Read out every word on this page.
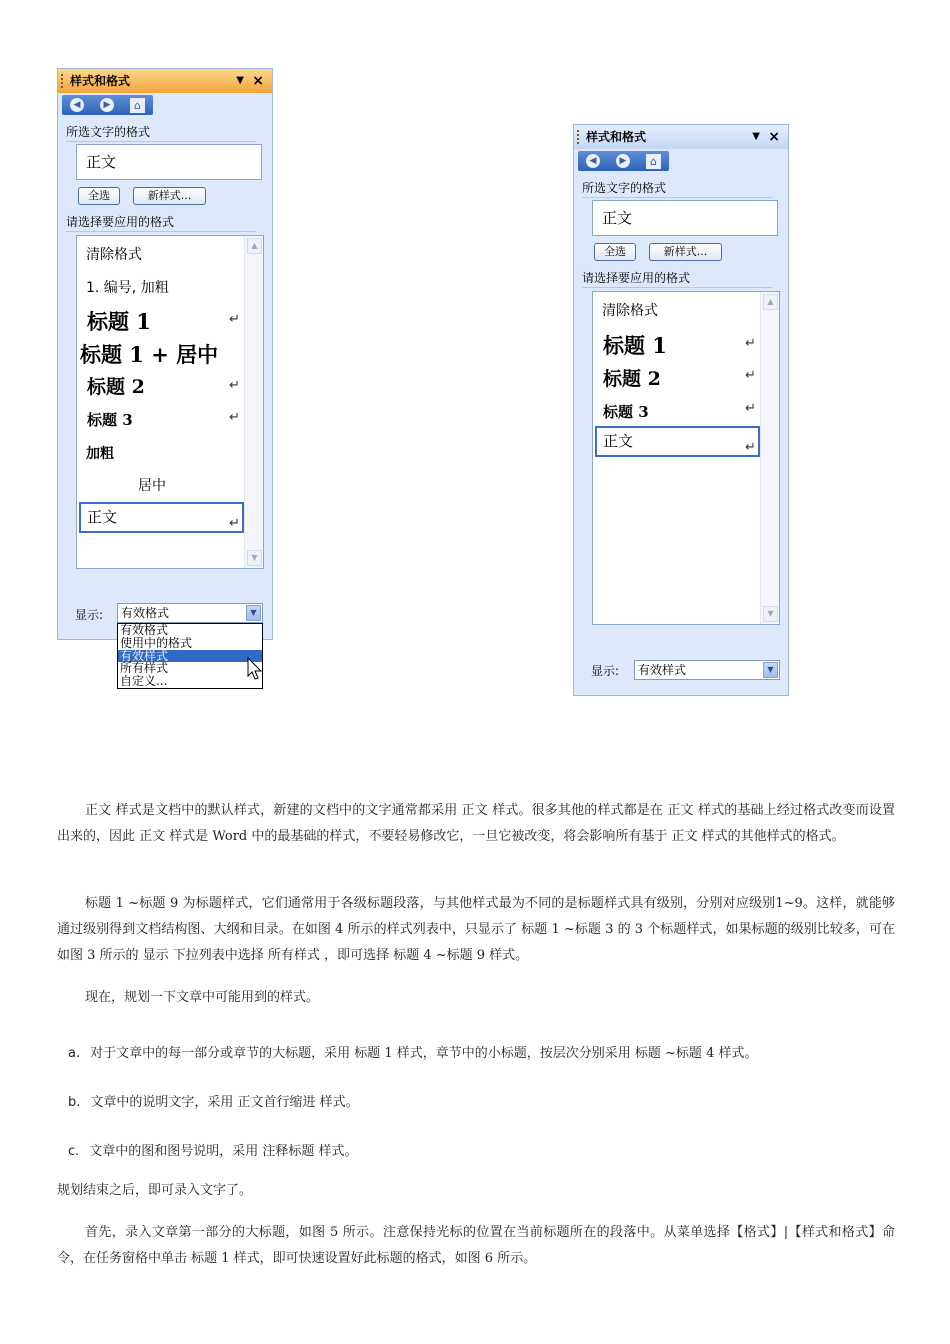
样式和格式	▼ ×
◀	▶	⌂
所选文字的格式
正文
全选	新样式...
请选择要应用的格式
▲
▼
清除格式
1. 编号, 加粗
标题 1	↵
标题 1 + 居中
标题 2	↵
标题 3	↵
加粗
居中
正文	↵
显示:	有效格式	▼
有效格式
使用中的格式
有效样式
所有样式
自定义...
样式和格式	▼ ×
◀	▶	⌂
所选文字的格式
正文
全选	新样式...
请选择要应用的格式
▲
▼
清除格式
标题 1	↵
标题 2	↵
标题 3	↵
正文	↵
显示:	有效样式	▼
正文 样式是文档中的默认样式，新建的文档中的文字通常都采用 正文 样式。很多其他的样式都是在 正文 样式的基础上经过格式改变而设置出来的，因此 正文 样式是 Word 中的最基础的样式，不要轻易修改它，一旦它被改变，将会影响所有基于 正文 样式的其他样式的格式。
标题 1 ~标题 9 为标题样式，它们通常用于各级标题段落，与其他样式最为不同的是标题样式具有级别，分别对应级别1~9。这样，就能够通过级别得到文档结构图、大纲和目录。在如图 4 所示的样式列表中，只显示了 标题 1 ~标题 3 的 3 个标题样式，如果标题的级别比较多，可在如图 3 所示的 显示 下拉列表中选择 所有样式 ，即可选择 标题 4 ~标题 9 样式。
现在，规划一下文章中可能用到的样式。
a. 对于文章中的每一部分或章节的大标题，采用 标题 1 样式，章节中的小标题，按层次分别采用 标题 ~标题 4 样式。
b. 文章中的说明文字，采用 正文首行缩进 样式。
c. 文章中的图和图号说明，采用 注释标题 样式。
规划结束之后，即可录入文字了。
首先，录入文章第一部分的大标题，如图 5 所示。注意保持光标的位置在当前标题所在的段落中。从菜单选择【格式】|【样式和格式】命令，在任务窗格中单击 标题 1 样式，即可快速设置好此标题的格式，如图 6 所示。
